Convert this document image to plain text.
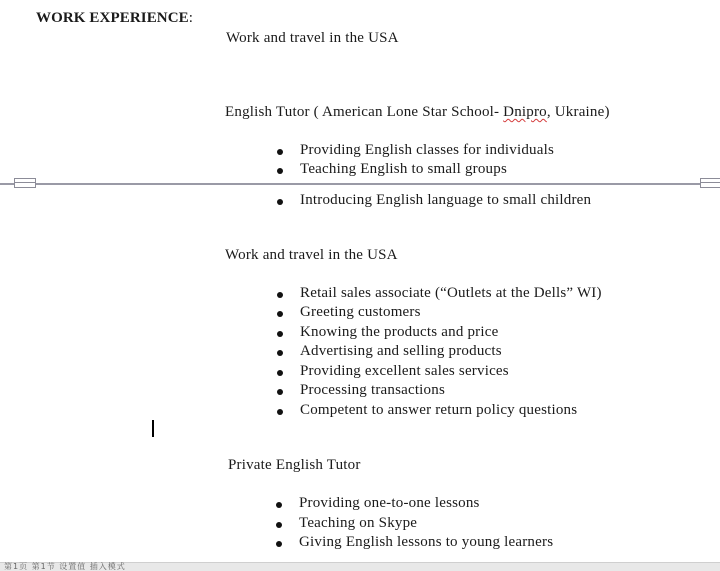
WORK EXPERIENCE:
Work and travel in the USA
English Tutor ( American Lone Star School- Dnipro, Ukraine)
Providing English classes for individuals
Teaching English to small groups
Introducing English language to small children
Work and travel in the USA
Retail sales associate (“Outlets at the Dells” WI)
Greeting customers
Knowing the products and price
Advertising and selling products
Providing excellent sales services
Processing transactions
Competent to answer return policy questions
Private English Tutor
Providing one-to-one lessons
Teaching on Skype
Giving English lessons to young learners
第1页 第1节 设置值 插入模式
